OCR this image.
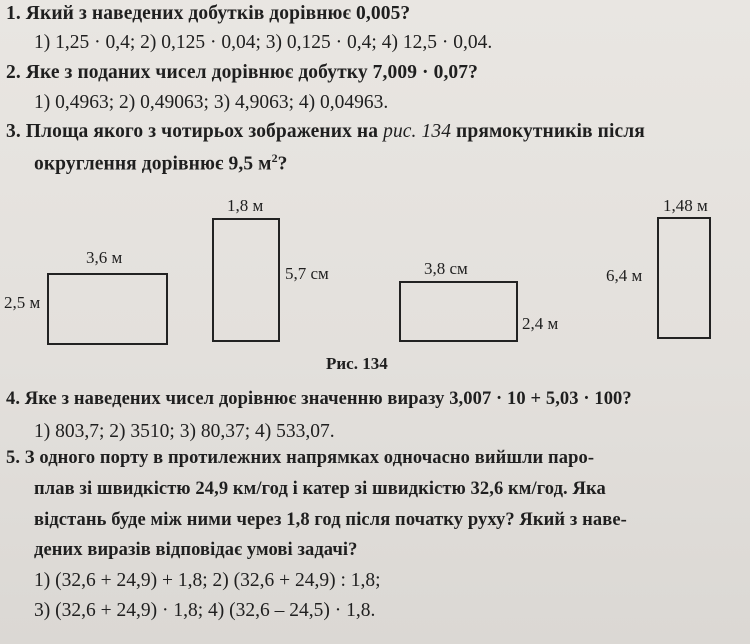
1. Який з наведених добутків дорівнює 0,005?
1) 1,25 · 0,4; 2) 0,125 · 0,04; 3) 0,125 · 0,4; 4) 12,5 · 0,04.
2. Яке з поданих чисел дорівнює добутку 7,009 · 0,07?
1) 0,4963; 2) 0,49063; 3) 4,9063; 4) 0,04963.
3. Площа якого з чотирьох зображених на рис. 134 прямокутників після
округлення дорівнює 9,5 $м^2$?
3,6 м
2,5 м
1,8 м
5,7 см	3,8 см
2,4 м
1,48 м
6,4 м
Рис. 134
4. Яке з наведених чисел дорівнює значенню виразу 3,007 · 10 + 5,03 · 100?
1) 803,7; 2) 3510; 3) 80,37; 4) 533,07.
5. З одного порту в протилежних напрямках одночасно вийшли паро-
плав зі швидкістю 24,9 км/год і катер зі швидкістю 32,6 км/год. Яка
відстань буде між ними через 1,8 год після початку руху? Який з наве-
дених виразів відповідає умові задачі?
1) (32,6 + 24,9) + 1,8; 2) (32,6 + 24,9) : 1,8;
3) (32,6 + 24,9) · 1,8; 4) (32,6 – 24,5) · 1,8.
